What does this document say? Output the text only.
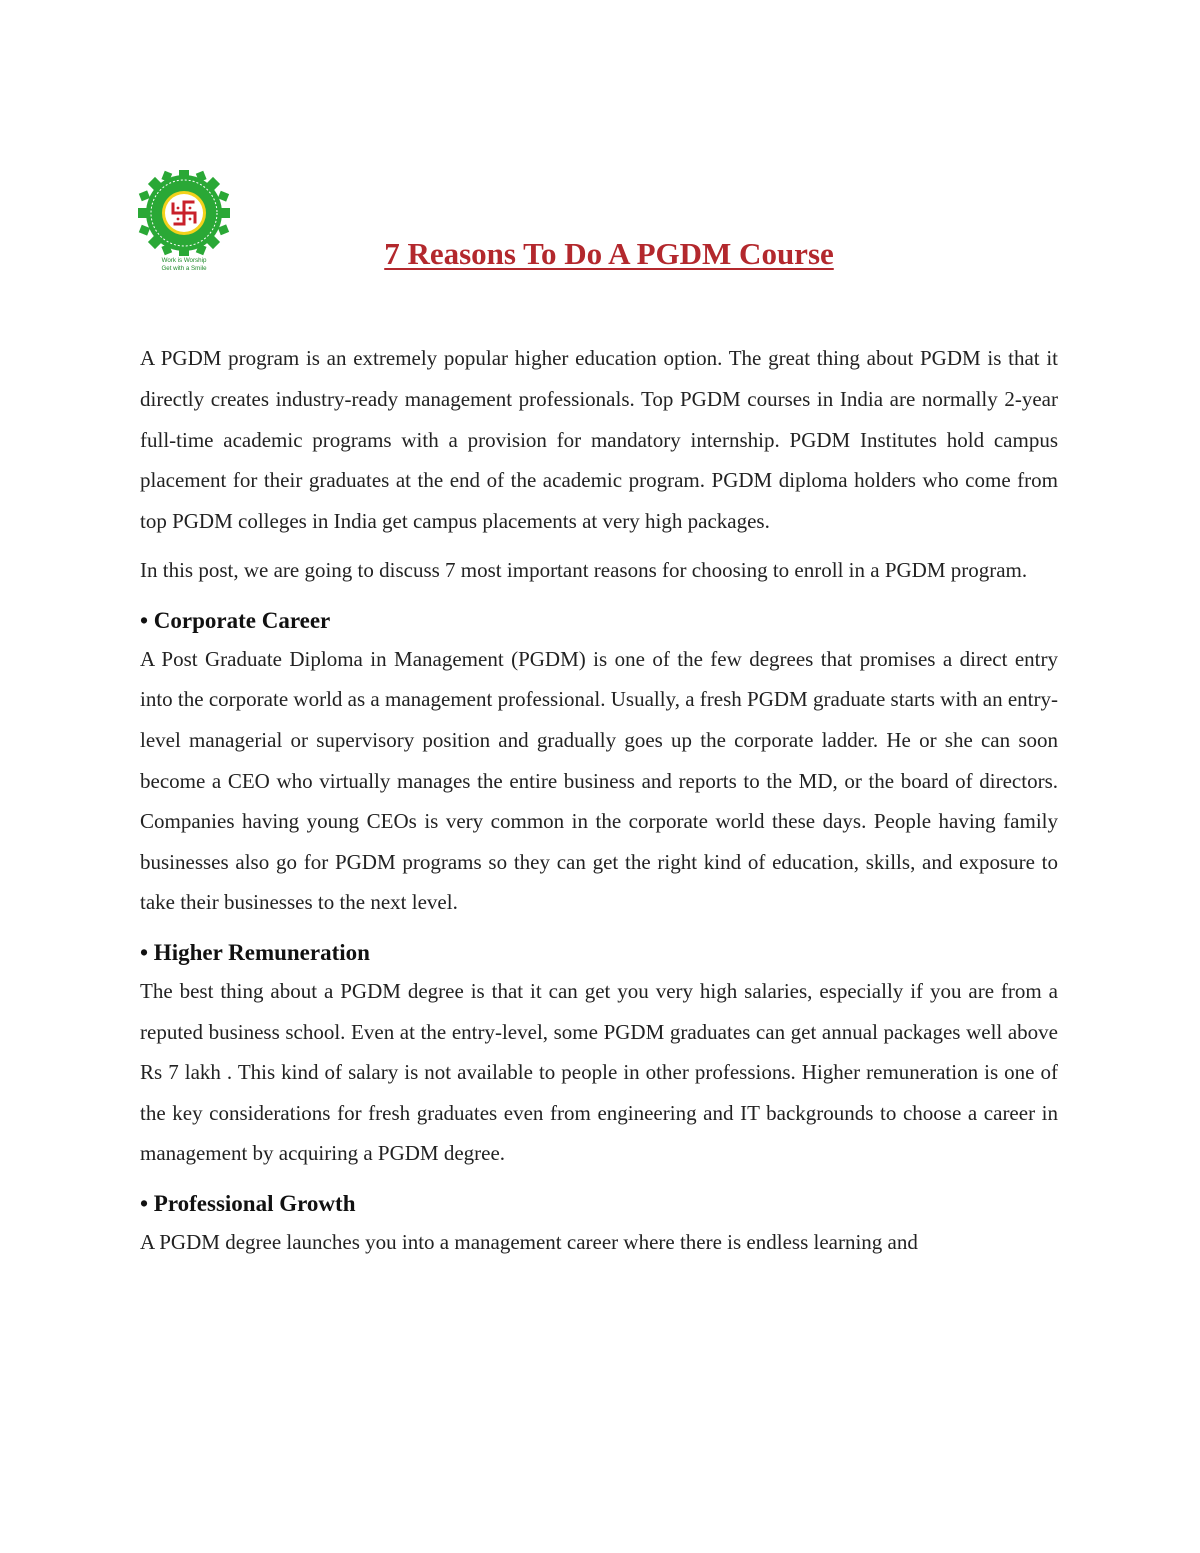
Work is Worship
Get with a Smile	7 Reasons To Do A PGDM Course

A PGDM program is an extremely popular higher education option. The great thing about PGDM is that it directly creates industry-ready management professionals. Top PGDM courses in India are normally 2-year full-time academic programs with a provision for mandatory internship. PGDM Institutes hold campus placement for their graduates at the end of the academic program. PGDM diploma holders who come from top PGDM colleges in India get campus placements at very high packages.

In this post, we are going to discuss 7 most important reasons for choosing to enroll in a PGDM program.

• Corporate Career

A Post Graduate Diploma in Management (PGDM) is one of the few degrees that promises a direct entry into the corporate world as a management professional. Usually, a fresh PGDM graduate starts with an entry-level managerial or supervisory position and gradually goes up the corporate ladder. He or she can soon become a CEO who virtually manages the entire business and reports to the MD, or the board of directors. Companies having young CEOs is very common in the corporate world these days. People having family businesses also go for PGDM programs so they can get the right kind of education, skills, and exposure to take their businesses to the next level.

• Higher Remuneration

The best thing about a PGDM degree is that it can get you very high salaries, especially if you are from a reputed business school. Even at the entry-level, some PGDM graduates can get annual packages well above Rs 7 lakh . This kind of salary is not available to people in other professions. Higher remuneration is one of the key considerations for fresh graduates even from engineering and IT backgrounds to choose a career in management by acquiring a PGDM degree.

• Professional Growth

A PGDM degree launches you into a management career where there is endless learning and
